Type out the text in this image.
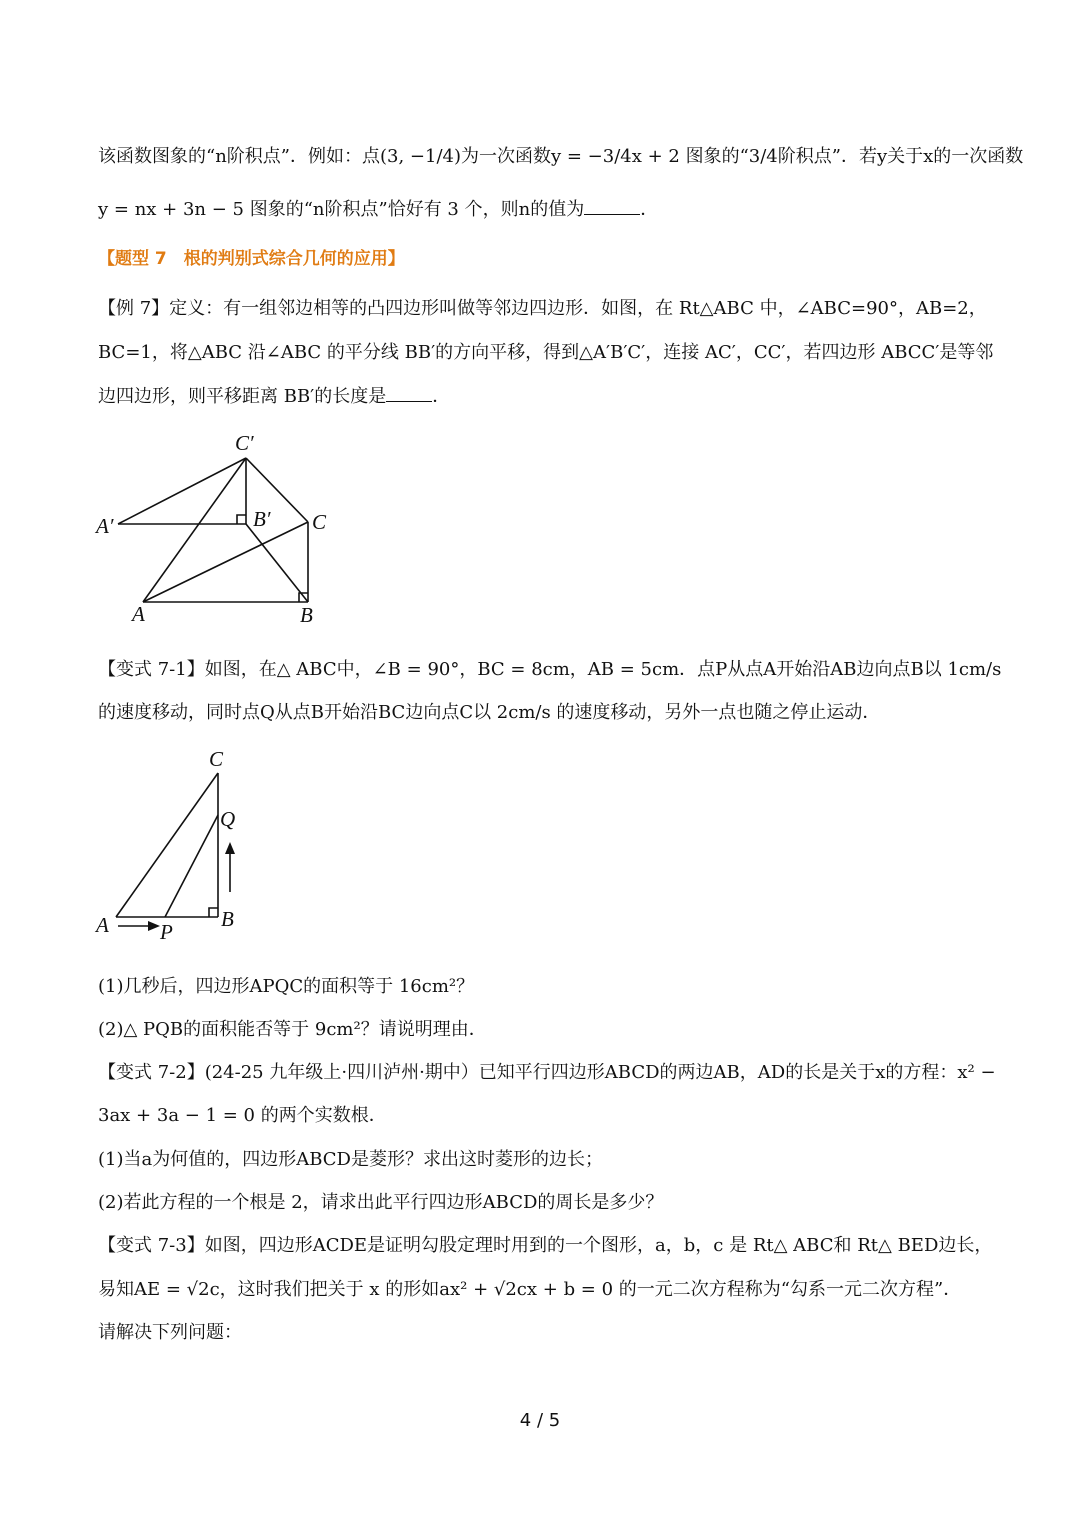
该函数图象的“n阶积点”．例如：点(3, −1/4)为一次函数y = −3/4x + 2 图象的“3/4阶积点”．若y关于x的一次函数
y = nx + 3n − 5 图象的“n阶积点”恰好有 3 个，则n的值为	．
【题型 7　根的判别式综合几何的应用】
【例 7】定义：有一组邻边相等的凸四边形叫做等邻边四边形．如图，在 Rt△ABC 中，∠ABC=90°，AB=2，
BC=1，将△ABC 沿∠ABC 的平分线 BB′的方向平移，得到△A′B′C′，连接 AC′，CC′，若四边形 ABCC′是等邻
边四边形，则平移距离 BB′的长度是	．
C′
A′	B′ C
A	B
【变式 7-1】如图，在△ ABC中，∠B = 90°，BC = 8cm，AB = 5cm．点P从点A开始沿AB边向点B以 1cm/s
的速度移动，同时点Q从点B开始沿BC边向点C以 2cm/s 的速度移动，另外一点也随之停止运动．
C
Q
A P
B
(1)几秒后，四边形APQC的面积等于 16cm²？
(2)△ PQB的面积能否等于 9cm²？请说明理由．
【变式 7-2】(24-25 九年级上·四川泸州·期中）已知平行四边形ABCD的两边AB，AD的长是关于x的方程：x² −
3ax + 3a − 1 = 0 的两个实数根．
(1)当a为何值的，四边形ABCD是菱形？求出这时菱形的边长；
(2)若此方程的一个根是 2，请求出此平行四边形ABCD的周长是多少？
【变式 7-3】如图，四边形ACDE是证明勾股定理时用到的一个图形，a，b，c 是 Rt△ ABC和 Rt△ BED边长，
易知AE = √2c，这时我们把关于 x 的形如ax² + √2cx + b = 0 的一元二次方程称为“勾系一元二次方程”．
请解决下列问题：
4 / 5
